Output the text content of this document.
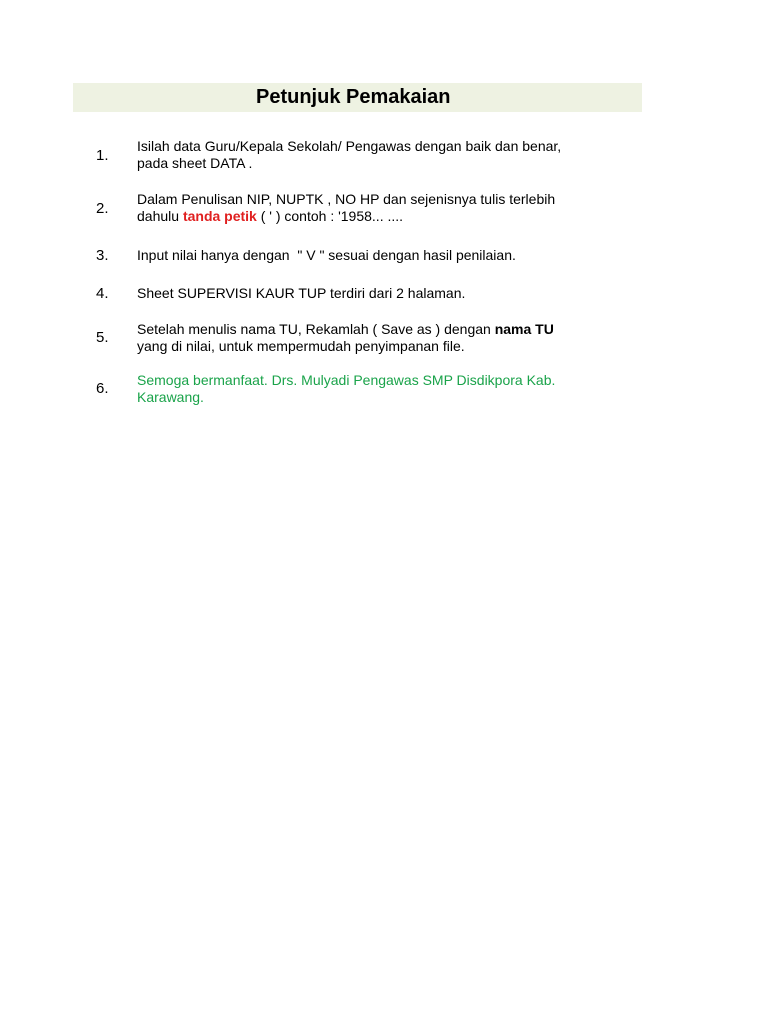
Petunjuk Pemakaian
1.
Isilah data Guru/Kepala Sekolah/ Pengawas dengan baik dan benar,
pada sheet DATA .
2.
Dalam Penulisan NIP, NUPTK , NO HP dan sejenisnya tulis terlebih
dahulu tanda petik ( ' ) contoh : '1958... ....
3.	Input nilai hanya dengan  " V " sesuai dengan hasil penilaian.
4.	Sheet SUPERVISI KAUR TUP terdiri dari 2 halaman.
5.	Setelah menulis nama TU, Rekamlah ( Save as ) dengan nama TU
yang di nilai, untuk mempermudah penyimpanan file.
6.	Semoga bermanfaat. Drs. Mulyadi Pengawas SMP Disdikpora Kab.
Karawang.
